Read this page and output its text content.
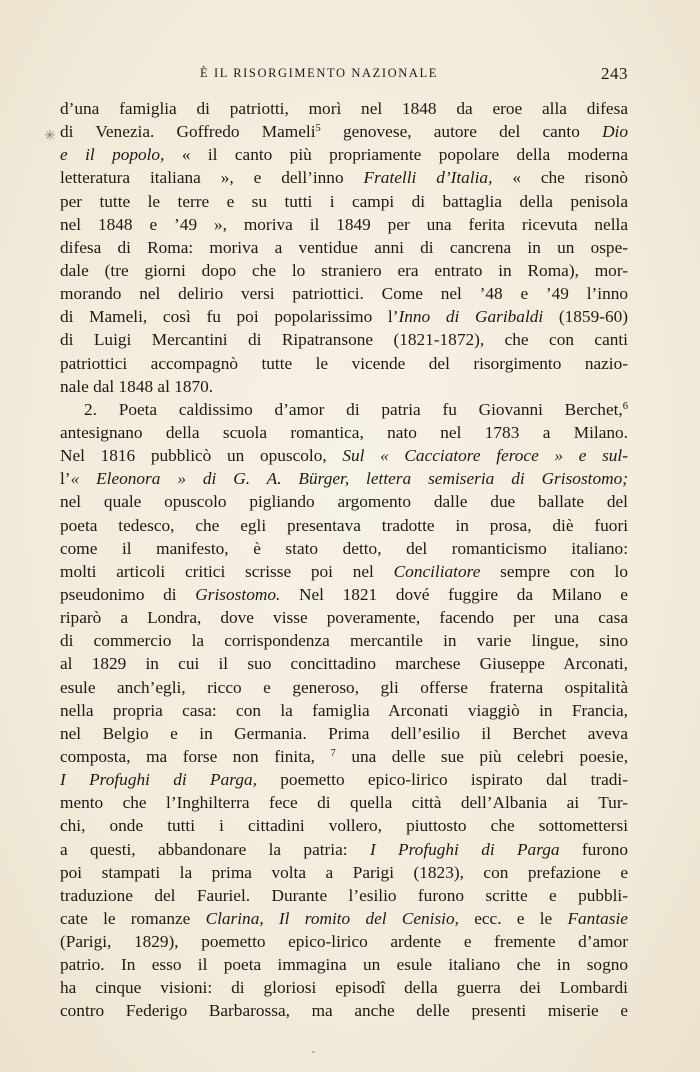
✳
È IL RISORGIMENTO NAZIONALE	243
d’una famiglia di patriotti, morì nel 1848 da eroe alla difesa
di Venezia. Goffredo Mameli$^5$ genovese, autore del canto Dio
e il popolo, « il canto più propriamente popolare della moderna
letteratura italiana », e dell’inno Fratelli d’Italia, « che risonò
per tutte le terre e su tutti i campi di battaglia della penisola
nel 1848 e ’49 », moriva il 1849 per una ferita ricevuta nella
difesa di Roma: moriva a ventidue anni di cancrena in un ospe-
dale (tre giorni dopo che lo straniero era entrato in Roma), mor-
morando nel delirio versi patriottici. Come nel ’48 e ’49 l’inno
di Mameli, così fu poi popolarissimo l’Inno di Garibaldi (1859-60)
di Luigi Mercantini di Ripatransone (1821-1872), che con canti
patriottici accompagnò tutte le vicende del risorgimento nazio-
nale dal 1848 al 1870.
2. Poeta caldissimo d’amor di patria fu Giovanni Berchet,$^6$
antesignano della scuola romantica, nato nel 1783 a Milano.
Nel 1816 pubblicò un opuscolo, Sul « Cacciatore feroce » e sul-
l’« Eleonora » di G. A. Bürger, lettera semiseria di Grisostomo;
nel quale opuscolo pigliando argomento dalle due ballate del
poeta tedesco, che egli presentava tradotte in prosa, diè fuori
come il manifesto, è stato detto, del romanticismo italiano:
molti articoli critici scrisse poi nel Conciliatore sempre con lo
pseudonimo di Grisostomo. Nel 1821 dové fuggire da Milano e
riparò a Londra, dove visse poveramente, facendo per una casa
di commercio la corrispondenza mercantile in varie lingue, sino
al 1829 in cui il suo concittadino marchese Giuseppe Arconati,
esule anch’egli, ricco e generoso, gli offerse fraterna ospitalità
nella propria casa: con la famiglia Arconati viaggiò in Francia,
nel Belgio e in Germania. Prima dell’esilio il Berchet aveva
composta, ma forse non finita, $^7$ una delle sue più celebri poesie,
I Profughi di Parga, poemetto epico-lirico ispirato dal tradi-
mento che l’Inghilterra fece di quella città dell’Albania ai Tur-
chi, onde tutti i cittadini vollero, piuttosto che sottomettersi
a questi, abbandonare la patria: I Profughi di Parga furono
poi stampati la prima volta a Parigi (1823), con prefazione e
traduzione del Fauriel. Durante l’esilio furono scritte e pubbli-
cate le romanze Clarina, Il romito del Cenisio, ecc. e le Fantasie
(Parigi, 1829), poemetto epico-lirico ardente e fremente d’amor
patrio. In esso il poeta immagina un esule italiano che in sogno
ha cinque visioni: di gloriosi episodî della guerra dei Lombardi
contro Federigo Barbarossa, ma anche delle presenti miserie e
•
